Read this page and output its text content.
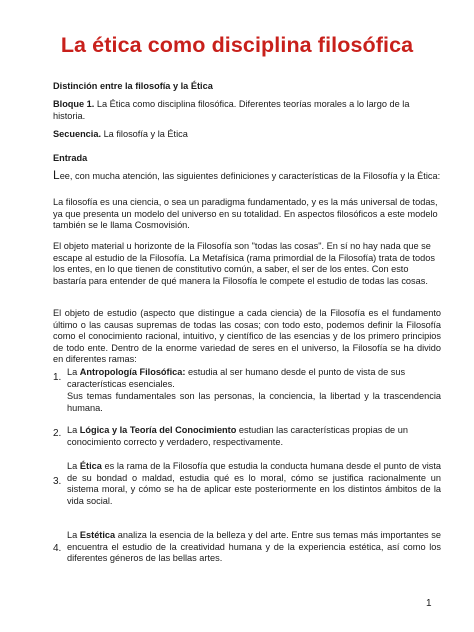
La ética como disciplina filosófica
Distinción entre la filosofía y la Ética
Bloque 1. La Ética como disciplina filosófica. Diferentes teorías morales a lo largo de la historia.
Secuencia. La filosofía y la Ética
Entrada
Lee, con mucha atención, las siguientes definiciones y características de la Filosofía y la Ética:
La filosofía es una ciencia, o sea un paradigma fundamentado, y es la más universal de todas, ya que presenta un modelo del universo en su totalidad. En aspectos filosóficos a este modelo también se le llama Cosmovisión.
El objeto material u horizonte de la Filosofía son "todas las cosas". En sí no hay nada que se escape al estudio de la Filosofía. La Metafísica (rama primordial de la Filosofía) trata de todos los entes, en lo que tienen de constitutivo común, a saber, el ser de los entes. Con esto bastaría para entender de qué manera la Filosofía le compete el estudio de todas las cosas.
El objeto de estudio (aspecto que distingue a cada ciencia) de la Filosofía es el fundamento último o las causas supremas de todas las cosas; con todo esto, podemos definir la Filosofía como el conocimiento racional, intuitivo, y científico de las esencias y de los primero principios de todo ente. Dentro de la enorme variedad de seres en el universo, la Filosofía se ha divido en diferentes ramas:
1. La Antropología Filosófica: estudia al ser humano desde el punto de vista de sus características esenciales.
Sus temas fundamentales son las personas, la conciencia, la libertad y la trascendencia humana.
2. La Lógica y la Teoría del Conocimiento estudian las características propias de un conocimiento correcto y verdadero, respectivamente.
3.
La Ética es la rama de la Filosofía que estudia la conducta humana desde el punto de vista de su bondad o maldad, estudia qué es lo moral, cómo se justifica racionalmente un sistema moral, y cómo se ha de aplicar este posteriormente en los distintos ámbitos de la vida social.
4.
La Estética analiza la esencia de la belleza y del arte. Entre sus temas más importantes se encuentra el estudio de la creatividad humana y de la experiencia estética, así como los diferentes géneros de las bellas artes.
1
